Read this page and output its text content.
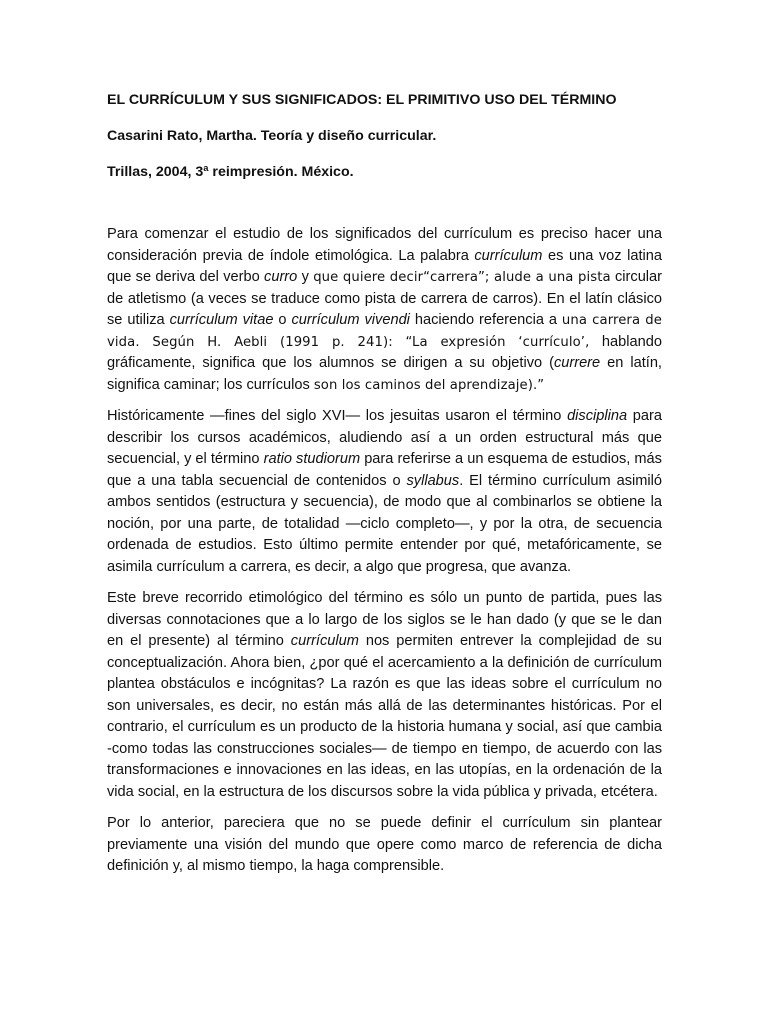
EL CURRÍCULUM Y SUS SIGNIFICADOS: EL PRIMITIVO USO DEL TÉRMINO

Casarini Rato, Martha. Teoría y diseño curricular.

Trillas, 2004, 3ª reimpresión. México.

Para comenzar el estudio de los significados del currículum es preciso hacer una consideración previa de índole etimológica. La palabra currículum es una voz latina que se deriva del verbo curro y que quiere decir“carrera”; alude a una pista circular de atletismo (a veces se traduce como pista de carrera de carros). En el latín clásico se utiliza currículum vitae o currículum vivendi haciendo referencia a una carrera de vida. Según H. Aebli (1991 p. 241): “La expresión ‘currículo’, hablando gráficamente, significa que los alumnos se dirigen a su objetivo (currere en latín, significa caminar; los currículos son los caminos del aprendizaje).”

Históricamente —fines del siglo XVI— los jesuitas usaron el término disciplina para describir los cursos académicos, aludiendo así a un orden estructural más que secuencial, y el término ratio studiorum para referirse a un esquema de estudios, más que a una tabla secuencial de contenidos o syllabus. El término currículum asimiló ambos sentidos (estructura y secuencia), de modo que al combinarlos se obtiene la noción, por una parte, de totalidad —ciclo completo—, y por la otra, de secuencia ordenada de estudios. Esto último permite entender por qué, metafóricamente, se asimila currículum a carrera, es decir, a algo que progresa, que avanza.

Este breve recorrido etimológico del término es sólo un punto de partida, pues las diversas connotaciones que a lo largo de los siglos se le han dado (y que se le dan en el presente) al término currículum nos permiten entrever la complejidad de su conceptualización. Ahora bien, ¿por qué el acercamiento a la definición de currículum plantea obstáculos e incógnitas? La razón es que las ideas sobre el currículum no son universales, es decir, no están más allá de las determinantes históricas. Por el contrario, el currículum es un producto de la historia humana y social, así que cambia -como todas las construcciones sociales— de tiempo en tiempo, de acuerdo con las transformaciones e innovaciones en las ideas, en las utopías, en la ordenación de la vida social, en la estructura de los discursos sobre la vida pública y privada, etcétera.

Por lo anterior, pareciera que no se puede definir el currículum sin plantear previamente una visión del mundo que opere como marco de referencia de dicha definición y, al mismo tiempo, la haga comprensible.
